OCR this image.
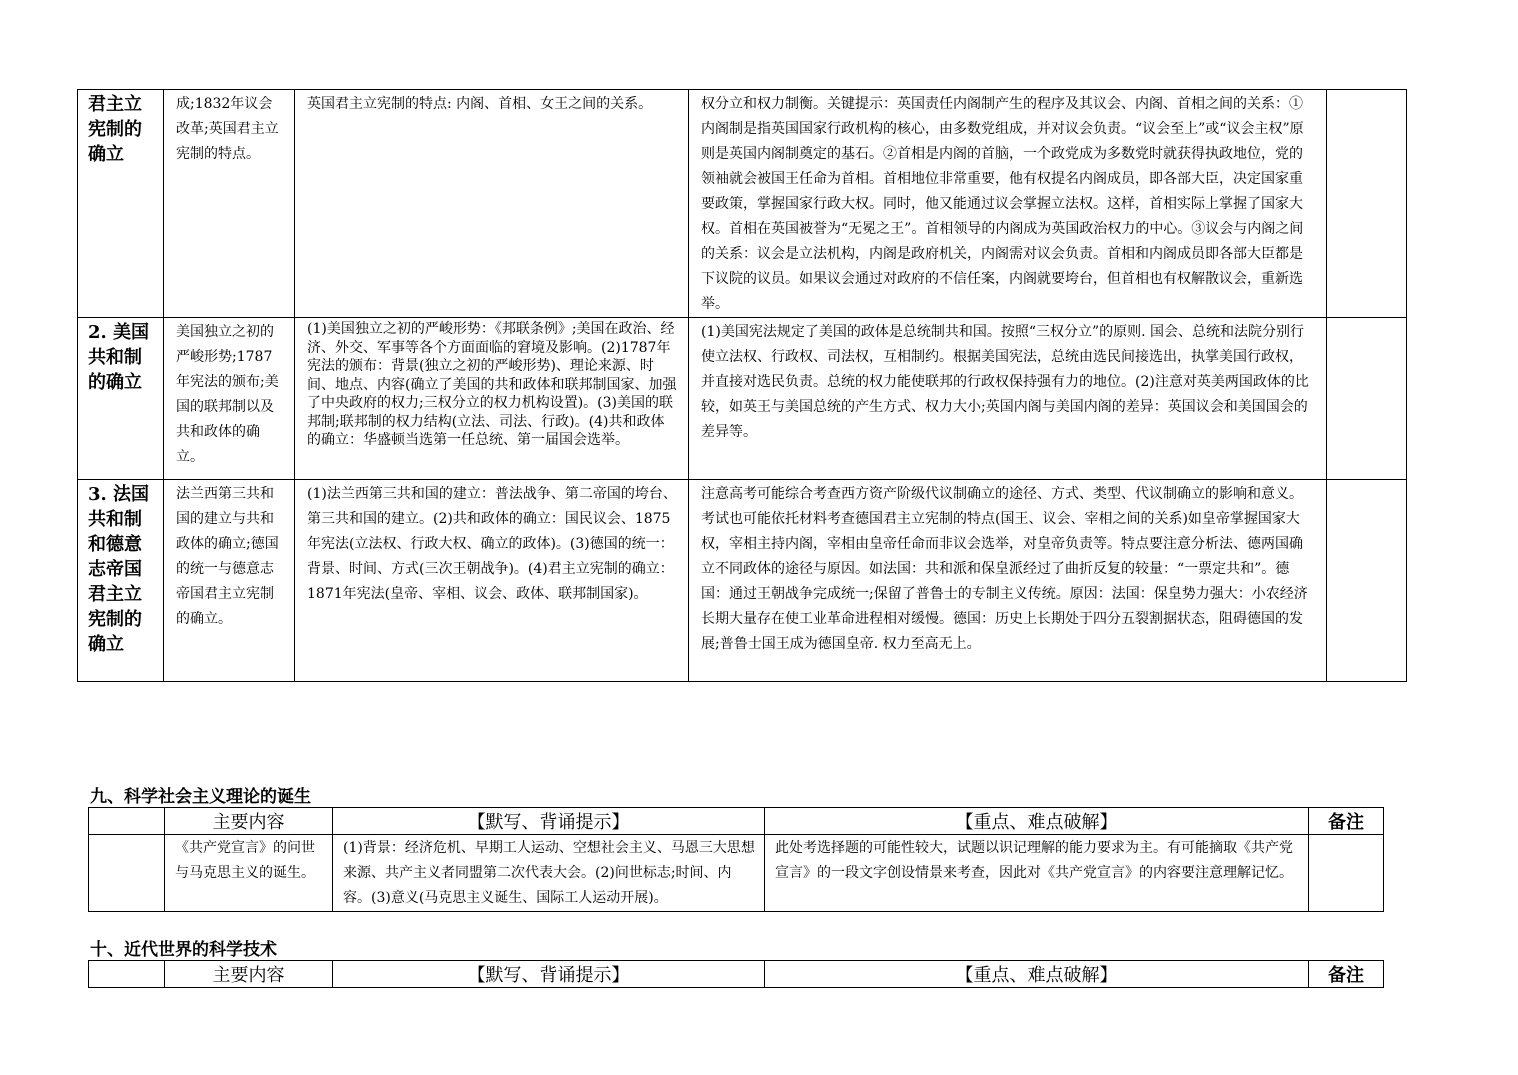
君主立宪制的确立	成;1832年议会改革;英国君主立宪制的特点。	英国君主立宪制的特点: 内阁、首相、女王之间的关系。	权分立和权力制衡。关键提示：英国责任内阁制产生的程序及其议会、内阁、首相之间的关系：①内阁制是指英国国家行政机构的核心，由多数党组成，并对议会负责。“议会至上”或“议会主权”原则是英国内阁制奠定的基石。②首相是内阁的首脑，一个政党成为多数党时就获得执政地位，党的领袖就会被国王任命为首相。首相地位非常重要，他有权提名内阁成员，即各部大臣，决定国家重要政策，掌握国家行政大权。同时，他又能通过议会掌握立法权。这样，首相实际上掌握了国家大权。首相在英国被誉为“无冕之王”。首相领导的内阁成为英国政治权力的中心。③议会与内阁之间的关系：议会是立法机构，内阁是政府机关，内阁需对议会负责。首相和内阁成员即各部大臣都是下议院的议员。如果议会通过对政府的不信任案，内阁就要垮台，但首相也有权解散议会，重新选举。	
2. 美国共和制的确立	美国独立之初的严峻形势;1787年宪法的颁布;美国的联邦制以及共和政体的确立。	(1)美国独立之初的严峻形势：《邦联条例》;美国在政治、经济、外交、军事等各个方面面临的窘境及影响。(2)1787年宪法的颁布：背景(独立之初的严峻形势)、理论来源、时间、地点、内容(确立了美国的共和政体和联邦制国家、加强了中央政府的权力;三权分立的权力机构设置)。(3)美国的联邦制;联邦制的权力结构(立法、司法、行政)。(4)共和政体的确立：华盛顿当选第一任总统、第一届国会选举。	(1)美国宪法规定了美国的政体是总统制共和国。按照“三权分立”的原则. 国会、总统和法院分别行使立法权、行政权、司法权，互相制约。根据美国宪法，总统由选民间接选出，执掌美国行政权，并直接对选民负责。总统的权力能使联邦的行政权保持强有力的地位。(2)注意对英美两国政体的比较，如英王与美国总统的产生方式、权力大小;英国内阁与美国内阁的差异：英国议会和美国国会的差异等。	
3. 法国共和制和德意志帝国君主立宪制的确立	法兰西第三共和国的建立与共和政体的确立;德国的统一与德意志帝国君主立宪制的确立。	(1)法兰西第三共和国的建立：普法战争、第二帝国的垮台、第三共和国的建立。(2)共和政体的确立：国民议会、1875年宪法(立法权、行政大权、确立的政体)。(3)德国的统一：背景、时间、方式(三次王朝战争)。(4)君主立宪制的确立：1871年宪法(皇帝、宰相、议会、政体、联邦制国家)。	注意高考可能综合考查西方资产阶级代议制确立的途径、方式、类型、代议制确立的影响和意义。考试也可能依托材料考查德国君主立宪制的特点(国王、议会、宰相之间的关系)如皇帝掌握国家大权，宰相主持内阁，宰相由皇帝任命而非议会选举，对皇帝负责等。特点要注意分析法、德两国确立不同政体的途径与原因。如法国：共和派和保皇派经过了曲折反复的较量：“一票定共和”。德国：通过王朝战争完成统一;保留了普鲁士的专制主义传统。原因：法国：保皇势力强大：小农经济长期大量存在使工业革命进程相对缓慢。德国：历史上长期处于四分五裂割据状态，阻碍德国的发展;普鲁士国王成为德国皇帝. 权力至高无上。	
九、科学社会主义理论的诞生
	主要内容	【默写、背诵提示】	【重点、难点破解】	备注
	《共产党宣言》的问世与马克思主义的诞生。	(1)背景：经济危机、早期工人运动、空想社会主义、马恩三大思想来源、共产主义者同盟第二次代表大会。(2)问世标志;时间、内容。(3)意义(马克思主义诞生、国际工人运动开展)。	此处考选择题的可能性较大，试题以识记理解的能力要求为主。有可能摘取《共产党宣言》的一段文字创设情景来考查，因此对《共产党宣言》的内容要注意理解记忆。	
十、近代世界的科学技术
	主要内容	【默写、背诵提示】	【重点、难点破解】	备注
